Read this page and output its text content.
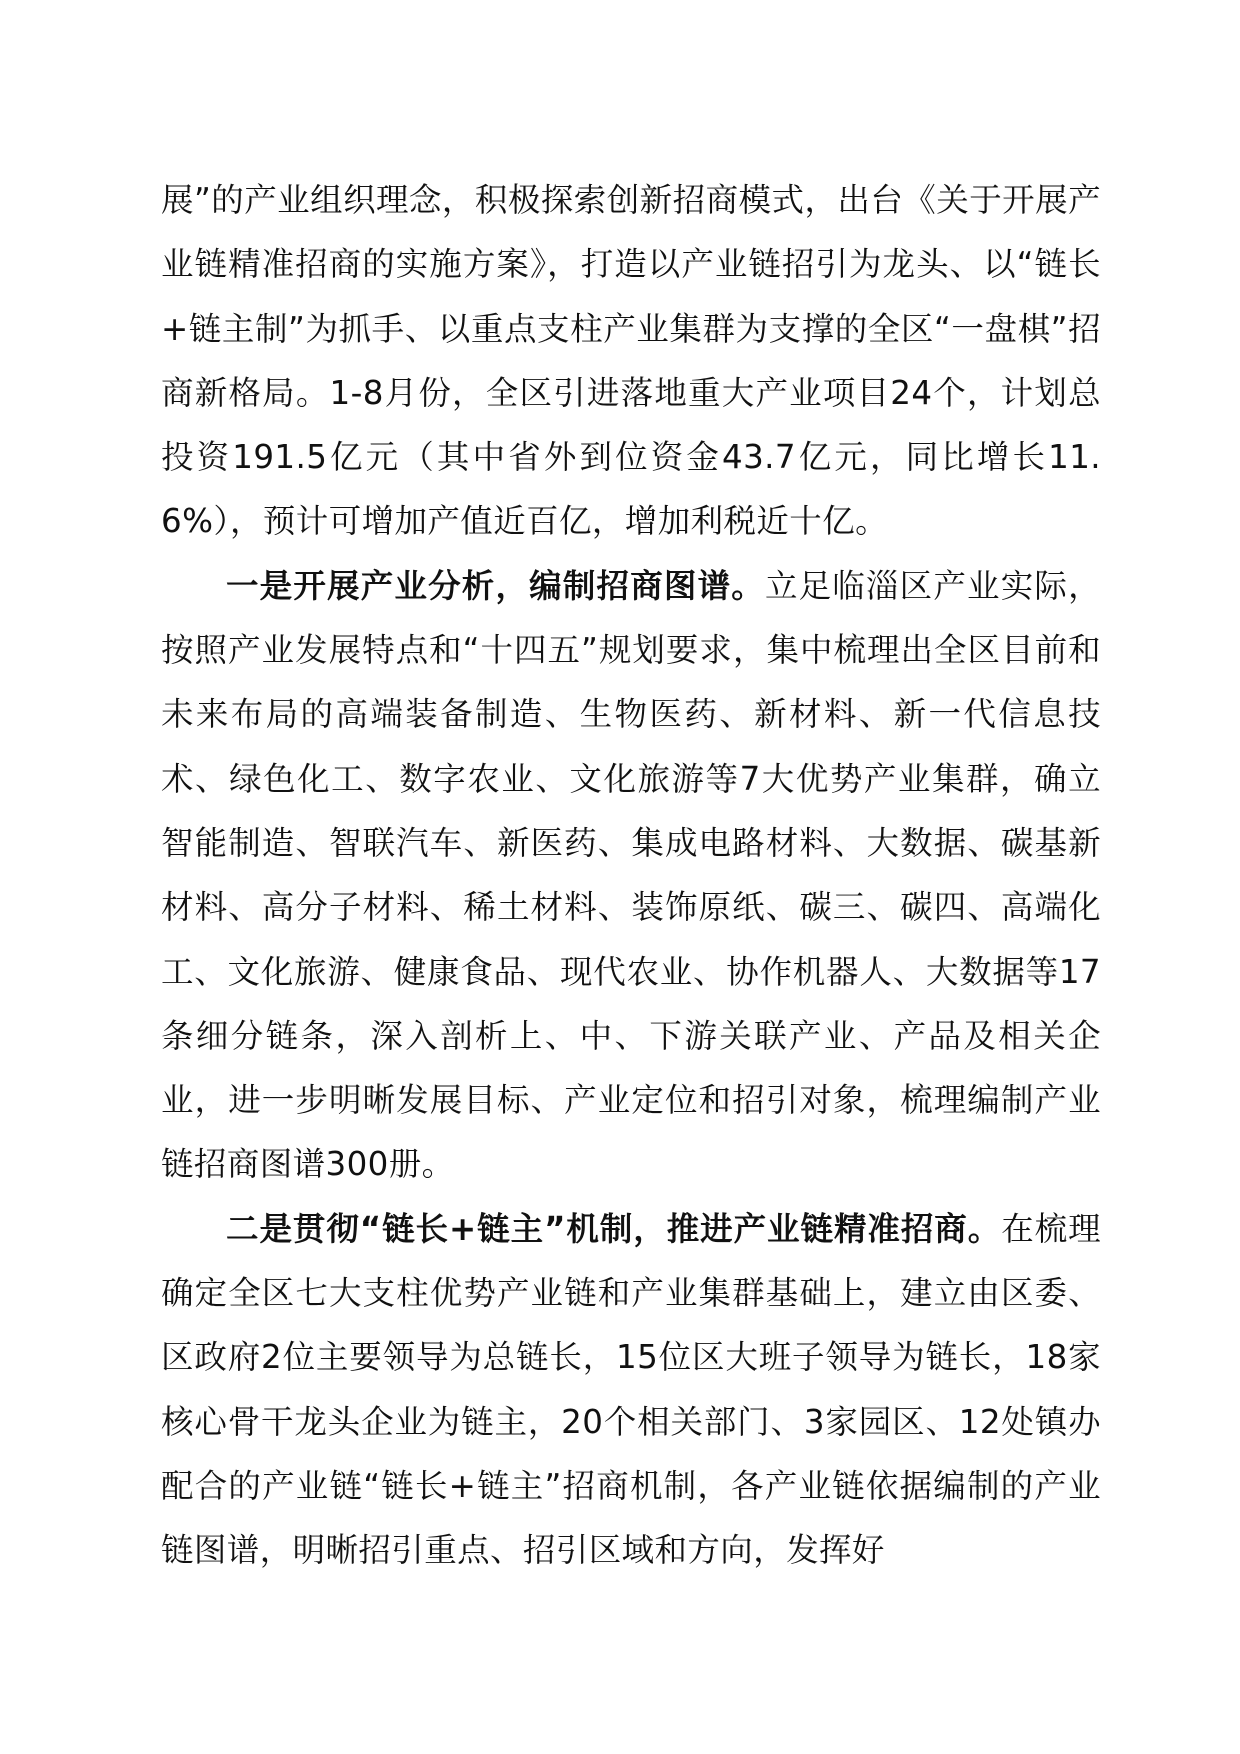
展”的产业组织理念，积极探索创新招商模式，出台《关于开展产业链精准招商的实施方案》，打造以产业链招引为龙头、以“链长+链主制”为抓手、以重点支柱产业集群为支撑的全区“一盘棋”招商新格局。1-8月份，全区引进落地重大产业项目24个，计划总投资191.5亿元（其中省外到位资金43.7亿元，同比增长11.6%），预计可增加产值近百亿，增加利税近十亿。

一是开展产业分析，编制招商图谱。立足临淄区产业实际，按照产业发展特点和“十四五”规划要求，集中梳理出全区目前和未来布局的高端装备制造、生物医药、新材料、新一代信息技术、绿色化工、数字农业、文化旅游等7大优势产业集群，确立智能制造、智联汽车、新医药、集成电路材料、大数据、碳基新材料、高分子材料、稀土材料、装饰原纸、碳三、碳四、高端化工、文化旅游、健康食品、现代农业、协作机器人、大数据等17条细分链条，深入剖析上、中、下游关联产业、产品及相关企业，进一步明晰发展目标、产业定位和招引对象，梳理编制产业链招商图谱300册。

二是贯彻“链长+链主”机制，推进产业链精准招商。在梳理确定全区七大支柱优势产业链和产业集群基础上，建立由区委、区政府2位主要领导为总链长，15位区大班子领导为链长，18家核心骨干龙头企业为链主，20个相关部门、3家园区、12处镇办配合的产业链“链长+链主”招商机制，各产业链依据编制的产业链图谱，明晰招引重点、招引区域和方向，发挥好
